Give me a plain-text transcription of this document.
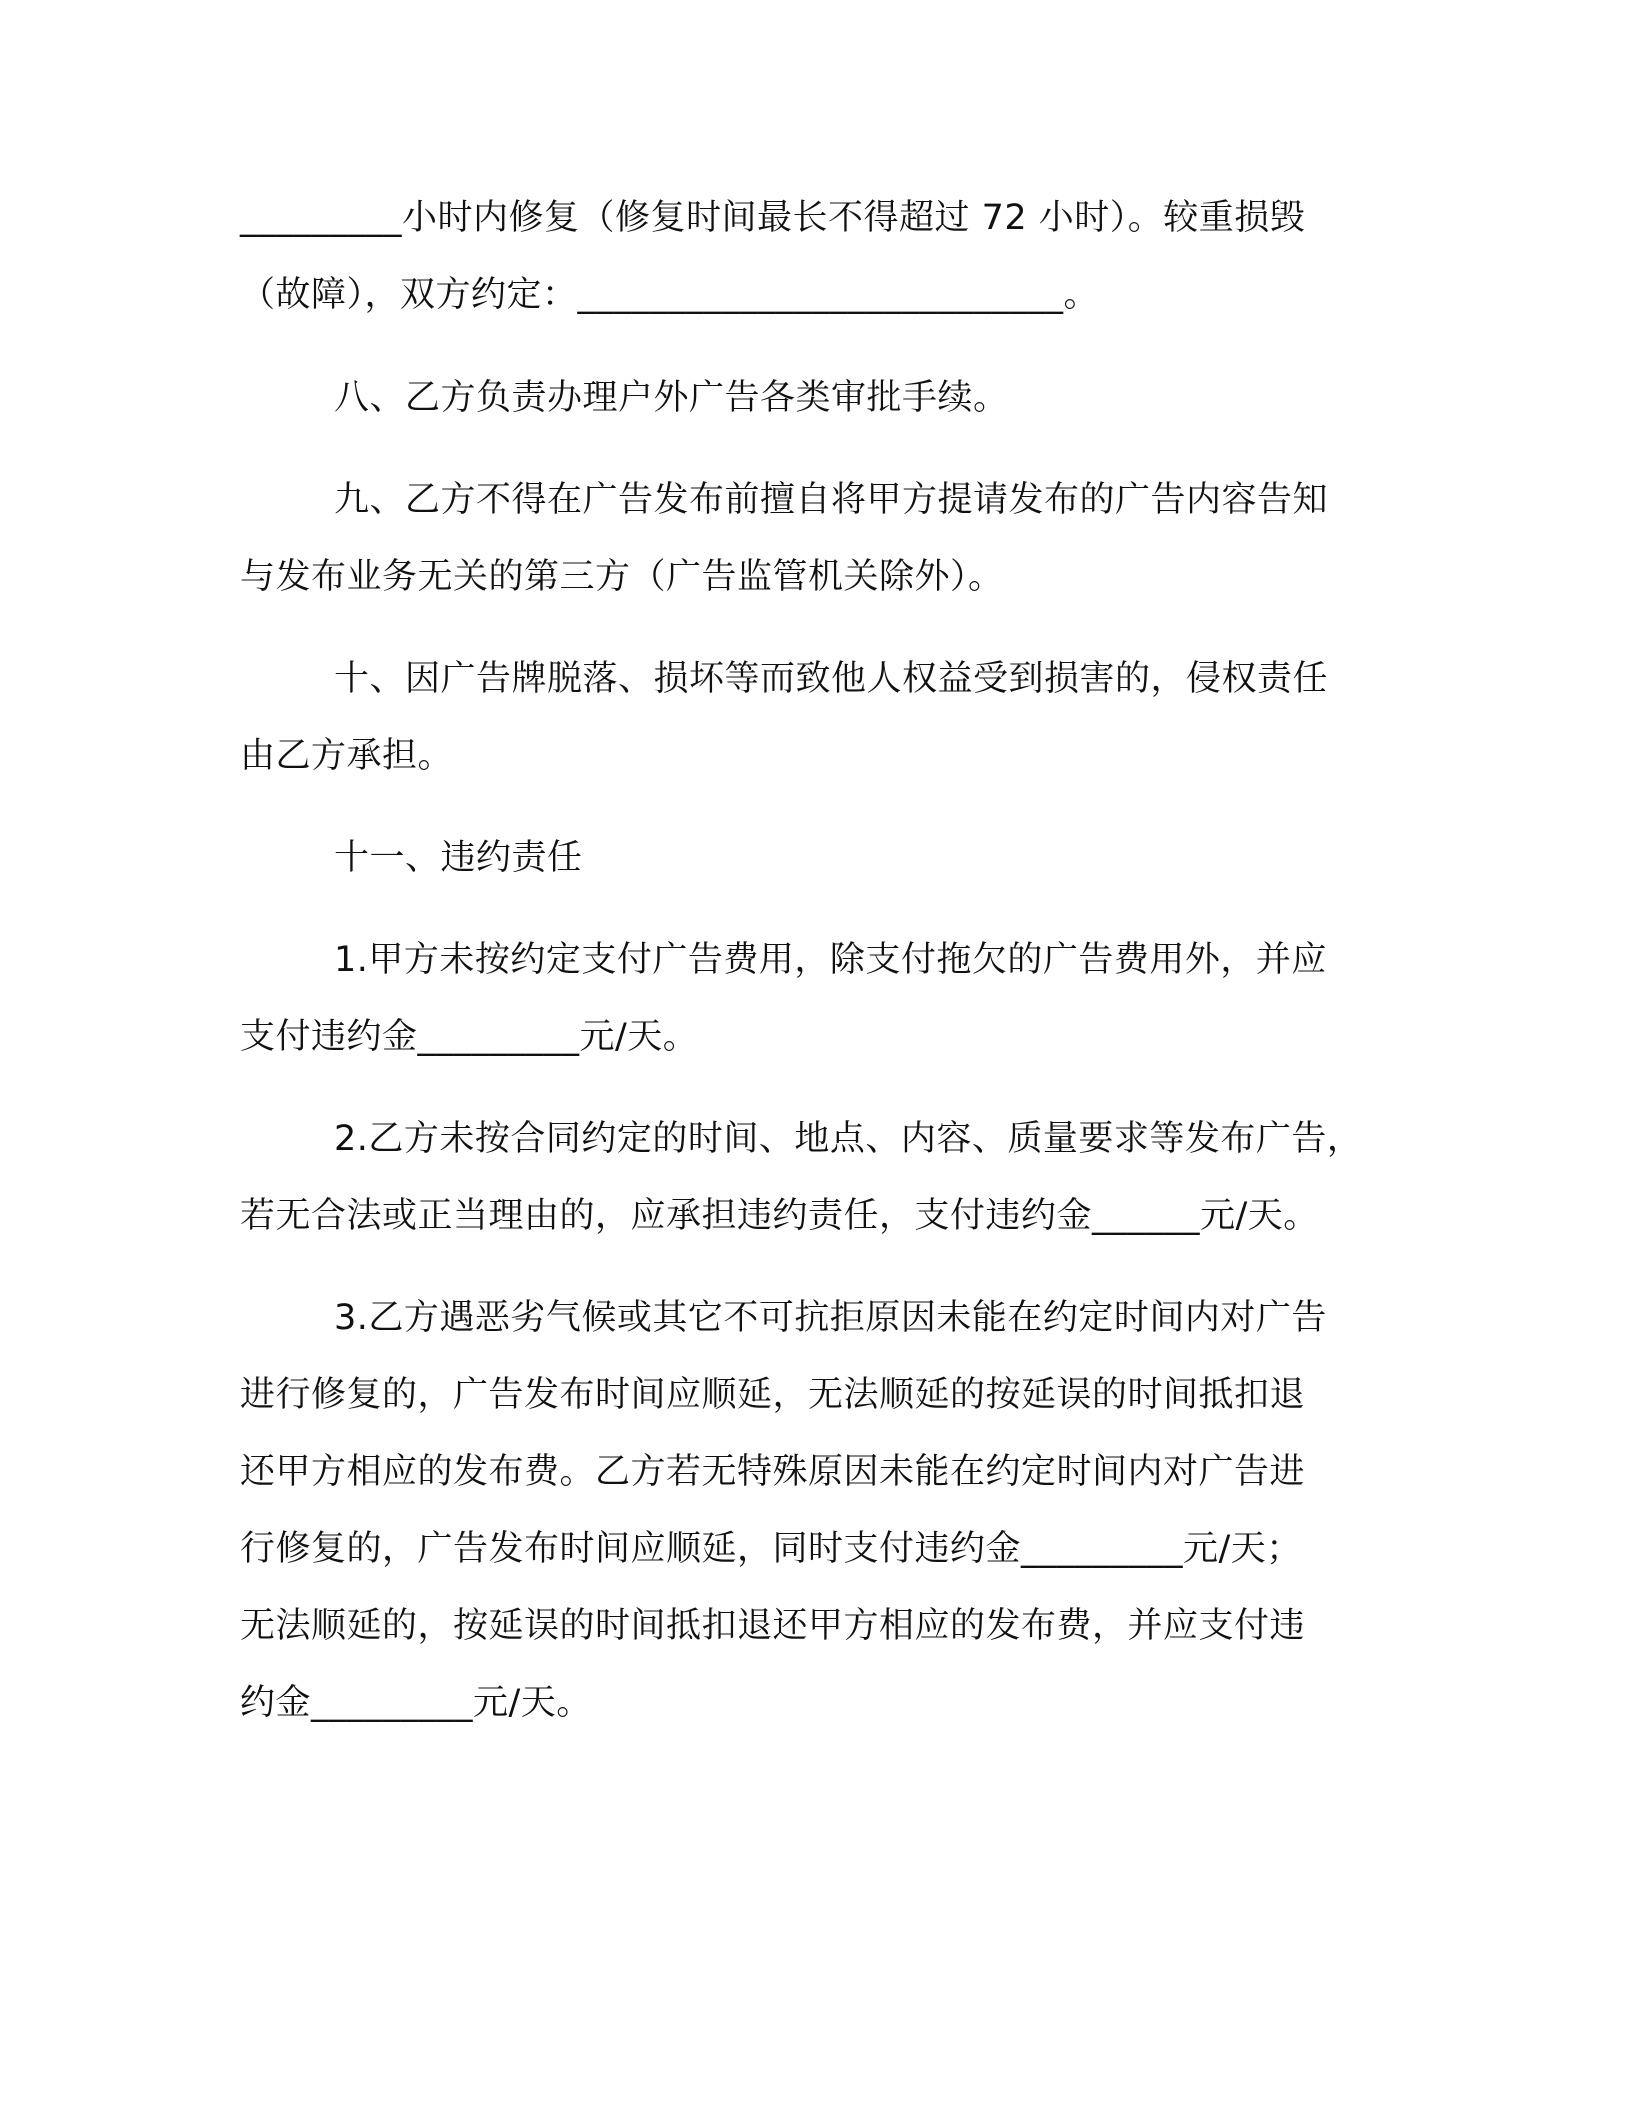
_________小时内修复（修复时间最长不得超过 72 小时）。较重损毁
（故障），双方约定：___________________________。
八、乙方负责办理户外广告各类审批手续。
九、乙方不得在广告发布前擅自将甲方提请发布的广告内容告知
与发布业务无关的第三方（广告监管机关除外）。
十、因广告牌脱落、损坏等而致他人权益受到损害的，侵权责任
由乙方承担。
十一、违约责任
1.甲方未按约定支付广告费用，除支付拖欠的广告费用外，并应
支付违约金_________元/天。
2.乙方未按合同约定的时间、地点、内容、质量要求等发布广告，
若无合法或正当理由的，应承担违约责任，支付违约金______元/天。
3.乙方遇恶劣气候或其它不可抗拒原因未能在约定时间内对广告
进行修复的，广告发布时间应顺延，无法顺延的按延误的时间抵扣退
还甲方相应的发布费。乙方若无特殊原因未能在约定时间内对广告进
行修复的，广告发布时间应顺延，同时支付违约金_________元/天；
无法顺延的，按延误的时间抵扣退还甲方相应的发布费，并应支付违
约金_________元/天。
